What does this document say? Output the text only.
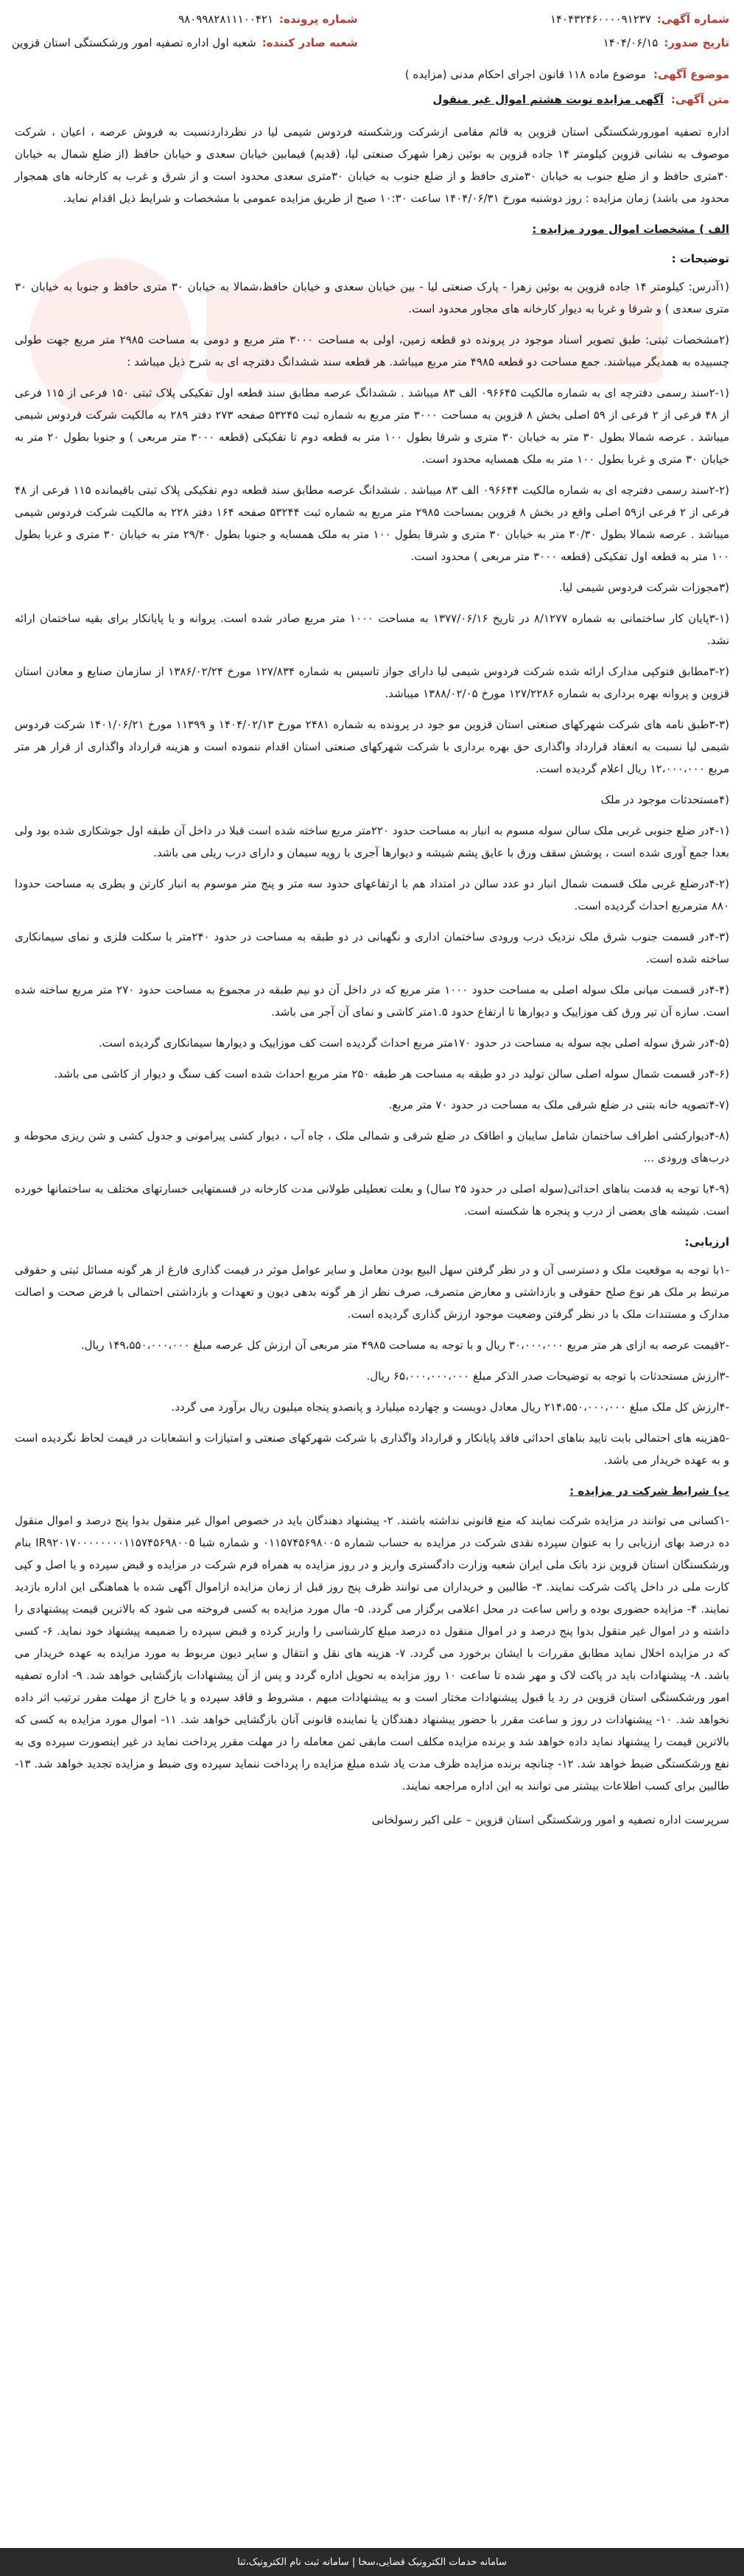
شماره آگهی:
۱۴۰۴۳۲۴۶۰۰۰۰۹۱۲۳۷
تاریخ صدور:
۱۴۰۴/۰۶/۱۵
شماره پرونده:
۹۸۰۹۹۸۲۸۱۱۱۰۰۴۲۱
شعبه صادر کننده:
شعبه اول اداره تصفیه امور ورشکستگی استان قزوین
موضوع آگهی:
موضوع ماده ۱۱۸ قانون اجرای احکام مدنی (مزایده )
متن آگهی:
آگهی مزایده نوبت هشتم اموال غیر منقول

اداره تصفیه امورورشکستگی استان قزوین به قائم مقامی ازشرکت ورشکسته فردوس شیمی لیا در نظرداردنسبت به فروش عرصه ، اعیان ، شرکت موصوف به نشانی قزوین کیلومتر ۱۴ جاده قزوین به بوئین زهرا شهرک صنعتی لیا، (قدیم) فیمابین خیابان سعدی و خیابان حافظ (از ضلع شمال به خیابان ۳۰متری حافظ و از ضلع جنوب به خیابان ۳۰متری حافظ و از ضلع جنوب به خیابان ۳۰متری سعدی محدود است و از شرق و غرب به کارخانه های همجوار محدود می باشد) زمان مزایده : روز دوشنبه مورخ ۱۴۰۴/۰۶/۳۱ ساعت ۱۰:۳۰ صبح از طریق مزایده عمومی با مشخصات و شرایط ذیل اقدام نماید.

الف ) مشخصات اموال مورد مزایده :
توضیحات :

(۱آدرس: کیلومتر ۱۴ جاده قزوین به بوئین زهرا - پارک صنعتی لیا - بین خیابان سعدی و خیابان حافظ،شمالا به خیابان ۳۰ متری حافظ و جنوبا به خیابان ۳۰ متری سعدی ) و شرقا و غربا به دیوار کارخانه های مجاور محدود است.

(۲مشخصات ثبتی: طبق تصویر اسناد موجود در پرونده دو قطعه زمین، اولی به مساحت ۳۰۰۰ متر مربع و دومی به مساحت ۲۹۸۵ متر مربع جهت طولی چسبیده به همدیگر میباشند. جمع مساحت دو قطعه ۴۹۸۵ متر مربع میباشد. هر قطعه سند ششدانگ دفترچه ای به شرح ذیل میباشد :

(۲-۱سند رسمی دفترچه ای به شماره مالکیت ۰۹۶۶۴۵ الف ۸۳ میباشد . ششدانگ عرصه مطابق سند قطعه اول تفکیکی پلاک ثبتی ۱۵۰ فرعی از ۱۱۵ فرعی از ۴۸ فرعی از ۲ فرعی از ۵۹ اصلی بخش ۸ قزوین به مساحت ۳۰۰۰ متر مربع به شماره ثبت ۵۳۲۴۵ صفحه ۲۷۳ دفتر ۲۸۹ به مالکیت شرکت فردوس شیمی میباشد . عرصه شمالا بطول ۳۰ متر به خیابان ۳۰ متری و شرقا بطول ۱۰۰ متر به قطعه دوم تا تفکیکی (قطعه ۳۰۰۰ متر مربعی ) و جنوبا بطول ۲۰ متر به خیابان ۳۰ متری و غربا بطول ۱۰۰ متر به ملک همسایه محدود است.

(۲-۲سند رسمی دفترچه ای به شماره مالکیت ۰۹۶۶۴۴ الف ۸۳ میباشد . ششدانگ عرصه مطابق سند قطعه دوم تفکیکی پلاک ثبتی باقیمانده ۱۱۵ فرعی از ۴۸ فرعی از ۲ فرعی از۵۹ اصلی واقع در بخش ۸ قزوین بمساحت ۲۹۸۵ متر مربع به شماره ثبت ۵۳۲۴۴ صفحه ۱۶۴ دفتر ۲۲۸ به مالکیت شرکت فردوس شیمی میباشد . عرصه شمالا بطول ۳۰/۳۰ متر به خیابان ۳۰ متری و شرقا بطول ۱۰۰ متر به ملک همسایه و جنوبا بطول ۲۹/۴۰ متر به خیابان ۳۰ متری و غربا بطول ۱۰۰ متر به قطعه اول تفکیکی (قطعه ۳۰۰۰ متر مربعی ) محدود است.

(۳مجوزات شرکت فردوس شیمی لیا.

(۳-۱پایان کار ساختمانی به شماره ۸/۱۲۷۷ در تاریخ ۱۳۷۷/۰۶/۱۶ به مساحت ۱۰۰۰ متر مربع صادر شده است. پروانه و یا پایانکار برای بقیه ساختمان ارائه نشد.

(۳-۲مطابق فتوکپی مدارک ارائه شده شرکت فردوس شیمی لیا دارای جواز تاسیس به شماره ۱۲۷/۸۳۴ مورخ ۱۳۸۶/۰۲/۲۴ از سازمان صنایع و معادن استان قزوین و پروانه بهره برداری به شماره ۱۲۷/۲۲۸۶ مورخ ۱۳۸۸/۰۲/۰۵ میباشد.

(۳-۳طبق نامه های شرکت شهرکهای صنعتی استان قزوین مو جود در پرونده به شماره ۲۴۸۱ مورخ ۱۴۰۴/۰۲/۱۳ و ۱۱۳۹۹ مورخ ۱۴۰۱/۰۶/۲۱ شرکت فردوس شیمی لیا نسبت به انعقاد قرارداد واگذاری حق بهره برداری با شرکت شهرکهای صنعتی استان اقدام ننموده است و هزینه قرارداد واگذاری از قرار هر متر مربع ۱۲،۰۰۰،۰۰۰ ریال اعلام گردیده است.

(۴مستحدثات موجود در ملک

(۴-۱در ضلع جنوبی غربی ملک سالن سوله مسوم به انبار به مساحت حدود ۲۲۰متر مربع ساخته شده است قبلا در داخل آن طبقه اول جوشکاری شده بود ولی بعدا جمع آوری شده است ، پوشش سقف ورق با عایق پشم شیشه و دیوارها آجری با رویه سیمان و دارای درب ریلی می باشد.

(۴-۲درضلع غربی ملک قسمت شمال انبار دو عدد سالن در امتداد هم با ارتفاعهای حدود سه متر و پنج متر موسوم به انبار کارتن و بطری به مساحت حدودا ۸۸۰ مترمربع احداث گردیده است.

(۴-۳در قسمت جنوب شرق ملک نزدیک درب ورودی ساختمان اداری و نگهبانی در دو طبقه به مساحت در حدود ۲۴۰متر با سکلت فلزی و نمای سیمانکاری ساخته شده است.

(۴-۴در قسمت میانی ملک سوله اصلی به مساحت حدود ۱۰۰۰ متر مربع که در داخل آن دو نیم طبقه در مجموع به مساحت حدود ۲۷۰ متر مربع ساخته شده است. سازه آن تیر ورق کف موزاییک و دیوارها تا ارتفاع حدود ۱.۵متر کاشی و نمای آن آجر می باشد.

(۴-۵در شرق سوله اصلی بچه سوله به مساحت در حدود ۱۷۰متر مربع احداث گردیده است کف موزاییک و دیوارها سیمانکاری گردیده است.

(۴-۶در قسمت شمال سوله اصلی سالن تولید در دو طبقه به مساحت هر طبقه ۲۵۰ متر مربع احداث شده است کف سنگ و دیوار از کاشی می باشد.

(۴-۷تصویه خانه بتنی در ضلع شرقی ملک به مساحت در حدود ۷۰ متر مربع.

(۴-۸دیوارکشی اطراف ساختمان شامل سایبان و اطاقک در ضلع شرقی و شمالی ملک ، چاه آب ، دیوار کشی پیرامونی و جدول کشی و شن ریزی محوطه و درب‌های ورودی ...

(۴-۹با توجه به قدمت بناهای احداثی(سوله اصلی در حدود ۲۵ سال) و بعلت تعطیلی طولانی مدت کارخانه در قسمتهایی خسارتهای مختلف به ساختمانها خورده است. شیشه های بعضی از درب و پنجره ها شکسته است.

ارزیابی:

-۱با توجه به موقعیت ملک و دسترسی آن و در نظر گرفتن سهل البیع بودن معامل و سایر عوامل موثر در قیمت گذاری فارغ از هر گونه مسائل ثبتی و حقوقی مرتبط بر ملک هر نوع صلح حقوقی و بازداشتی و معارض متصرف، صرف نظر از هر گونه بدهی دیون و تعهدات و بازداشتی احتمالی با فرض صحت و اصالت مدارک و مستندات ملک با در نظر گرفتن وضعیت موجود ارزش گذاری گردیده است.

-۲قیمت عرصه به ازای هر متر مربع ۳۰،۰۰۰،۰۰۰ ریال و با توجه به مساحت ۴۹۸۵ متر مربعی آن ارزش کل عرصه مبلغ ۱۴۹،۵۵۰،۰۰۰،۰۰۰ ریال.

-۳ارزش مستحدثات با توجه به توضیحات صدر الذکر مبلغ ۶۵،۰۰۰،۰۰۰،۰۰۰ ریال.

-۴ارزش کل ملک مبلغ ۲۱۴،۵۵۰،۰۰۰،۰۰۰ ریال معادل دویست و چهارده میلیارد و پانصدو پنجاه میلیون ریال برآورد می گردد.

-۵هزینه های احتمالی بابت تایید بناهای احداثی فاقد پایانکار و قرارداد واگذاری با شرکت شهرکهای صنعتی و امتیازات و انشعابات در قیمت لحاظ نگردیده است و به عهده خریدار می باشد.

ب) شرایط شرکت در مزایده :

-۱کسانی می توانند در مزایده شرکت نمایند که منع قانونی نداشته باشند. ۲- پیشنهاد دهندگان باید در خصوص اموال غیر منقول بدوا پنج درصد و اموال منقول ده درصد بهای ارزیابی را به عنوان سپرده نقدی شرکت در مزایده به حساب شماره ۰۱۱۵۷۴۵۶۹۸۰۰۵ و شماره شبا IR۹۲۰۱۷۰۰۰۰۰۰۰۰۱۱۵۷۴۵۶۹۸۰۰۵ بنام ورشکستگان استان قزوین نزد بانک ملی ایران شعبه وزارت دادگستری واریز و در روز مزایده به همراه فرم شرکت در مزایده و قبض سپرده و یا اصل و کپی کارت ملی در داخل پاکت شرکت نمایند. ۳- طالبین و خریداران می توانند ظرف پنج روز قبل از زمان مزایده ازاموال آگهی شده با هماهنگی این اداره بازدید نمایند. ۴- مزایده حضوری بوده و راس ساعت در محل اعلامی برگزار می گردد. ۵- مال مورد مزایده به کسی فروخته می شود که بالاترین قیمت پیشنهادی را داشته و در اموال غیر منقول بدوا پنج درصد و در اموال منقول ده درصد مبلغ کارشناسی را واریز کرده و قبض سپرده را ضمیمه پیشنهاد خود نماید. ۶- کسی که در مزایده اخلال نماید مطابق مقررات با ایشان برخورد می گردد. ۷- هزینه های نقل و انتقال و سایر دیون مربوط به مورد مزایده به عهده خریدار می باشد. ۸- پیشنهادات باید در پاکت لاک و مهر شده تا ساعت ۱۰ روز مزایده به تحویل اداره گردد و پس از آن پیشنهادات بازگشایی خواهد شد. ۹- اداره تصفیه امور ورشکستگی استان قزوین در رد یا قبول پیشنهادات مختار است و به پیشنهادات مبهم ، مشروط و فاقد سپرده و یا خارج از مهلت مقرر ترتیب اثر داده نخواهد شد. ۱۰- پیشنهادات در روز و ساعت مقرر با حضور پیشنهاد دهندگان یا نماینده قانونی آنان بازگشایی خواهد شد. ۱۱- اموال مورد مزایده به کسی که بالاترین قیمت را پیشنهاد نماید داده خواهد شد و برنده مزایده مکلف است مابقی ثمن معامله را در مهلت مقرر پرداخت نماید در غیر اینصورت سپرده وی به نفع ورشکستگی ضبط خواهد شد. ۱۲- چنانچه برنده مزایده ظرف مدت یاد شده مبلغ مزایده را پرداخت ننماید سپرده وی ضبط و مزایده تجدید خواهد شد. ۱۳- طالبین برای کسب اطلاعات بیشتر می توانند به این اداره مراجعه نمایند.

سرپرست اداره تصفیه و امور ورشکستگی استان قزوین – علی اکبر رسولخانی
سامانه خدمات الکترونیک قضایی،سخا | سامانه ثبت نام الکترونیک،ثنا
